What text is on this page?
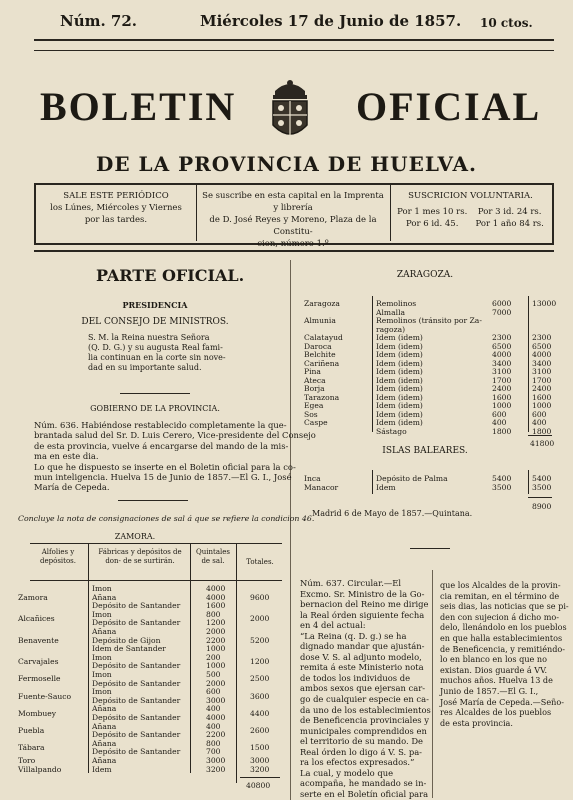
Núm. 72.	Miércoles 17 de Junio de 1857. 10 ctos.
BOLETIN	OFICIAL
DE LA PROVINCIA DE HUELVA.
SALE ESTE PERIÓDICO
los Lúnes, Miércoles y Viernes
por las tardes.
Se suscribe en esta capital en la Imprenta y librería
de D. José Reyes y Moreno, Plaza de la Constitu-
cion, número 1.º
SUSCRICION VOLUNTARIA.
Por 1 mes 10 rs.
Por 6 id. 45.
Por 3 id. 24 rs.
Por 1 año 84 rs.
PARTE OFICIAL.
PRESIDENCIA
DEL CONSEJO DE MINISTROS.
S. M. la Reina nuestra Señora
(Q. D. G.) y su augusta Real fami-
lia continuan en la corte sin nove-
dad en su importante salud.
GOBIERNO DE LA PROVINCIA.
Núm. 636. Habiéndose restablecido completamente la que-
brantada salud del Sr. D. Luis Cerero, Vice-presidente del Consejo
de esta provincia, vuelve á encargarse del mando de la mis-
ma en este dia.
Lo que he dispuesto se inserte en el Boletin oficial para la co-
mun inteligencia. Huelva 15 de Junio de 1857.—El G. I., José
María de Cepeda.
Concluye la nota de consignaciones de sal á que se refiere la condicion 46.
ZAMORA.
Alfolies y depósitos.
Fábricas y depósitos de don- de se surtirán.
Quintales de sal.	Totales.
Zamora
Imon	4000
Añana	4000
Depósito de Santander	1600
9600
Alcañices	Imon	800
Depósito de Santander	1200	2000
Benavente
Añana	2000
Depósito de Gijon	2200
Idem de Santander	1000
5200
Carvajales	Imon	200
Depósito de Santander	1000	1200
Fermoselle	Imon	500
Depósito de Santander	2000	2500
Fuente-Sauco	Imon	600
Depósito de Santander	3000	3600
Mombuey	Añana	400
Depósito de Santander	4000	4400
Puebla	Añana	400
Depósito de Santander	2200	2600
Tábara	Añana	800
Depósito de Santander	700	1500
Toro	Añana	3000	3000
Villalpando	Idem	3200	3200
40800
ZARAGOZA.
Zaragoza	Remolinos	6000	13000
Almalla	7000
Almunia	Remolinos (tránsito por Za-
ragoza)
Calatayud	Idem (idem)	2300	2300
Daroca	Idem (idem)	6500	6500
Belchite	Idem (idem)	4000	4000
Cariñena	Idem (idem)	3400	3400
Pina	Idem (idem)	3100	3100
Ateca	Idem (idem)	1700	1700
Borja	Idem (idem)	2400	2400
Tarazona	Idem (idem)	1600	1600
Egea	Idem (idem)	1000	1000
Sos	Idem (idem)	600	600
Caspe	Idem (idem)	400	400
Sástago	1800	1800
41800
ISLAS BALEARES.
Inca	Depósito de Palma	5400	5400
Manacor	Idem	3500	3500
8900
Madrid 6 de Mayo de 1857.—Quintana.
Núm. 637. Circular.—El
Excmo. Sr. Ministro de la Go-
bernacion del Reino me dirige
la Real órden siguiente fecha
en 4 del actual:
“La Reina (q. D. g.) se ha
dignado mandar que ajustán-
dose V. S. al adjunto modelo,
remita á este Ministerio nota
de todos los individuos de
ambos sexos que ejersan car-
go de cualquier especie en ca-
da uno de los establecimientos
de Beneficencia provinciales y
municipales comprendidos en
el territorio de su mando. De
Real órden lo digo á V. S. pa-
ra los efectos expresados.”
La cual, y modelo que
acompaña, he mandado se in-
serte en el Boletín oficial para
que los Alcaldes de la provin-
cia remitan, en el término de
seis dias, las noticias que se pi-
den con sujecion á dicho mo-
delo, llenándolo en los pueblos
en que halla establecimientos
de Beneficencia, y remitiéndo-
lo en blanco en los que no
existan. Dios guarde á VV.
muchos años. Huelva 13 de
Junio de 1857.—El G. I.,
José María de Cepeda.—Seño-
res Alcaldes de los pueblos
de esta provincia.
